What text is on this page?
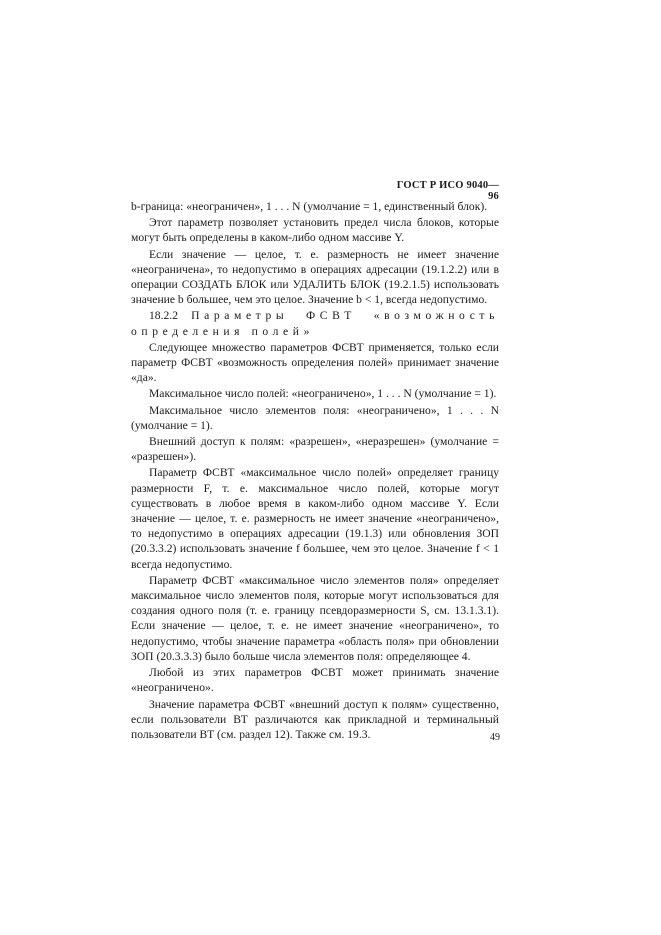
ГОСТ Р ИСО 9040—96

b-граница: «неограничен», 1 . . . N (умолчание = 1, единственный блок).

Этот параметр позволяет установить предел числа блоков, которые могут быть определены в каком-либо одном массиве Y.

Если значение — целое, т. е. размерность не имеет значение «неограничена», то недопустимо в операциях адресации (19.1.2.2) или в операции СОЗДАТЬ БЛОК или УДАЛИТЬ БЛОК (19.2.1.5) использовать значение b большее, чем это целое. Значение b < 1, всегда недопустимо.

18.2.2 Параметры ФСВТ «возможность определения полей»

Следующее множество параметров ФСВТ применяется, только если параметр ФСВТ «возможность определения полей» принимает значение «да».

Максимальное число полей: «неограничено», 1 . . . N (умолчание = 1).

Максимальное число элементов поля: «неограничено», 1 . . . N (умолчание = 1).

Внешний доступ к полям: «разрешен», «неразрешен» (умолчание = «разрешен»).

Параметр ФСВТ «максимальное число полей» определяет границу размерности F, т. е. максимальное число полей, которые могут существовать в любое время в каком-либо одном массиве Y. Если значение — целое, т. е. размерность не имеет значение «неограничено», то недопустимо в операциях адресации (19.1.3) или обновления ЗОП (20.3.3.2) использовать значение f большее, чем это целое. Значение f < 1 всегда недопустимо.

Параметр ФСВТ «максимальное число элементов поля» определяет максимальное число элементов поля, которые могут использоваться для создания одного поля (т. е. границу псевдоразмерности S, см. 13.1.3.1). Если значение — целое, т. е. не имеет значение «неограничено», то недопустимо, чтобы значение параметра «область поля» при обновлении ЗОП (20.3.3.3) было больше числа элементов поля: определяющее 4.

Любой из этих параметров ФСВТ может принимать значение «неограничено».

Значение параметра ФСВТ «внешний доступ к полям» существенно, если пользователи ВТ различаются как прикладной и терминальный пользователи ВТ (см. раздел 12). Также см. 19.3.	49
